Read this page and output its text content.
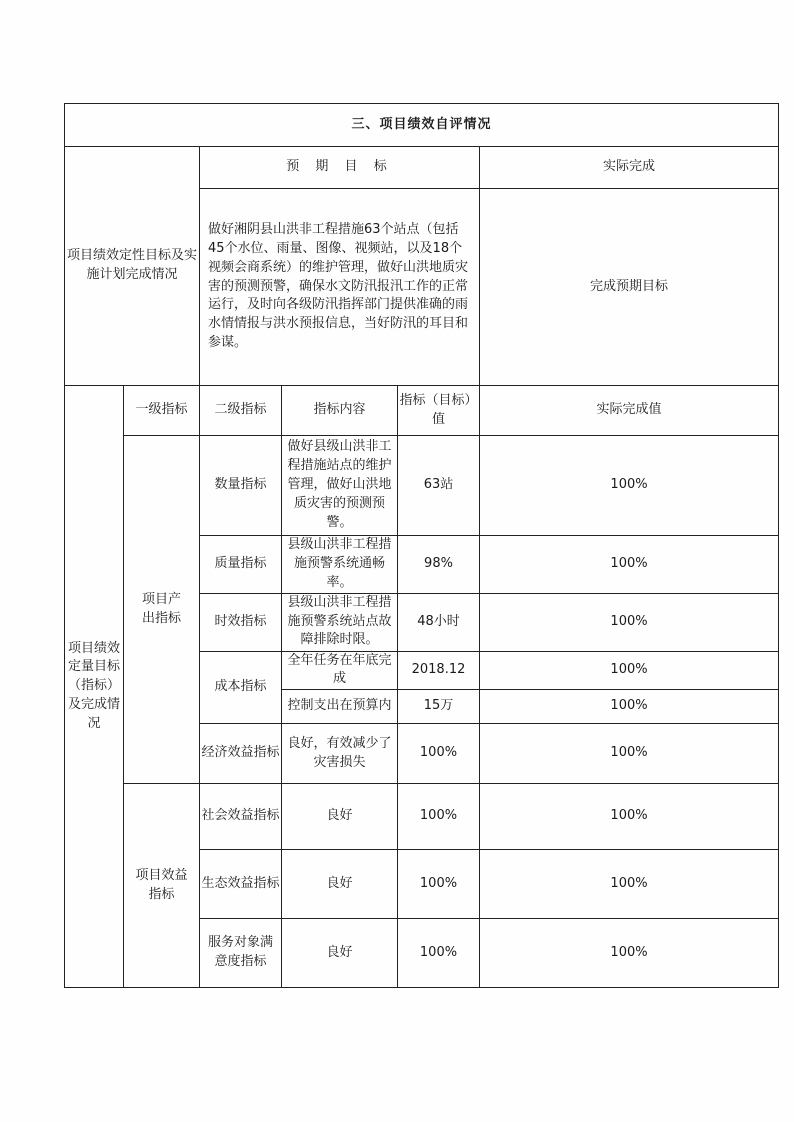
三、项目绩效自评情况					
项目绩效定性目标及实施计划完成情况		预 期 目 标			实际完成
		做好湘阴县山洪非工程措施63个站点（包括45个水位、雨量、图像、视频站，以及18个视频会商系统）的维护管理，做好山洪地质灾害的预测预警，确保水文防汛报汛工作的正常运行，及时向各级防汛指挥部门提供准确的雨水情情报与洪水预报信息，当好防汛的耳目和参谋。			完成预期目标
项目绩效定量目标（指标）及完成情况	一级指标	二级指标	指标内容	指标（目标）值	实际完成值
	项目产出指标	数量指标	做好县级山洪非工程措施站点的维护管理，做好山洪地质灾害的预测预警。	63站	100%
		质量指标	县级山洪非工程措施预警系统通畅率。	98%	100%
		时效指标	县级山洪非工程措施预警系统站点故障排除时限。	48小时	100%
		成本指标	全年任务在年底完成	2018.12	100%
			控制支出在预算内	15万	100%
		经济效益指标	良好，有效减少了灾害损失	100%	100%
	项目效益指标	社会效益指标	良好	100%	100%
		生态效益指标	良好	100%	100%
		服务对象满意度指标	良好	100%	100%
